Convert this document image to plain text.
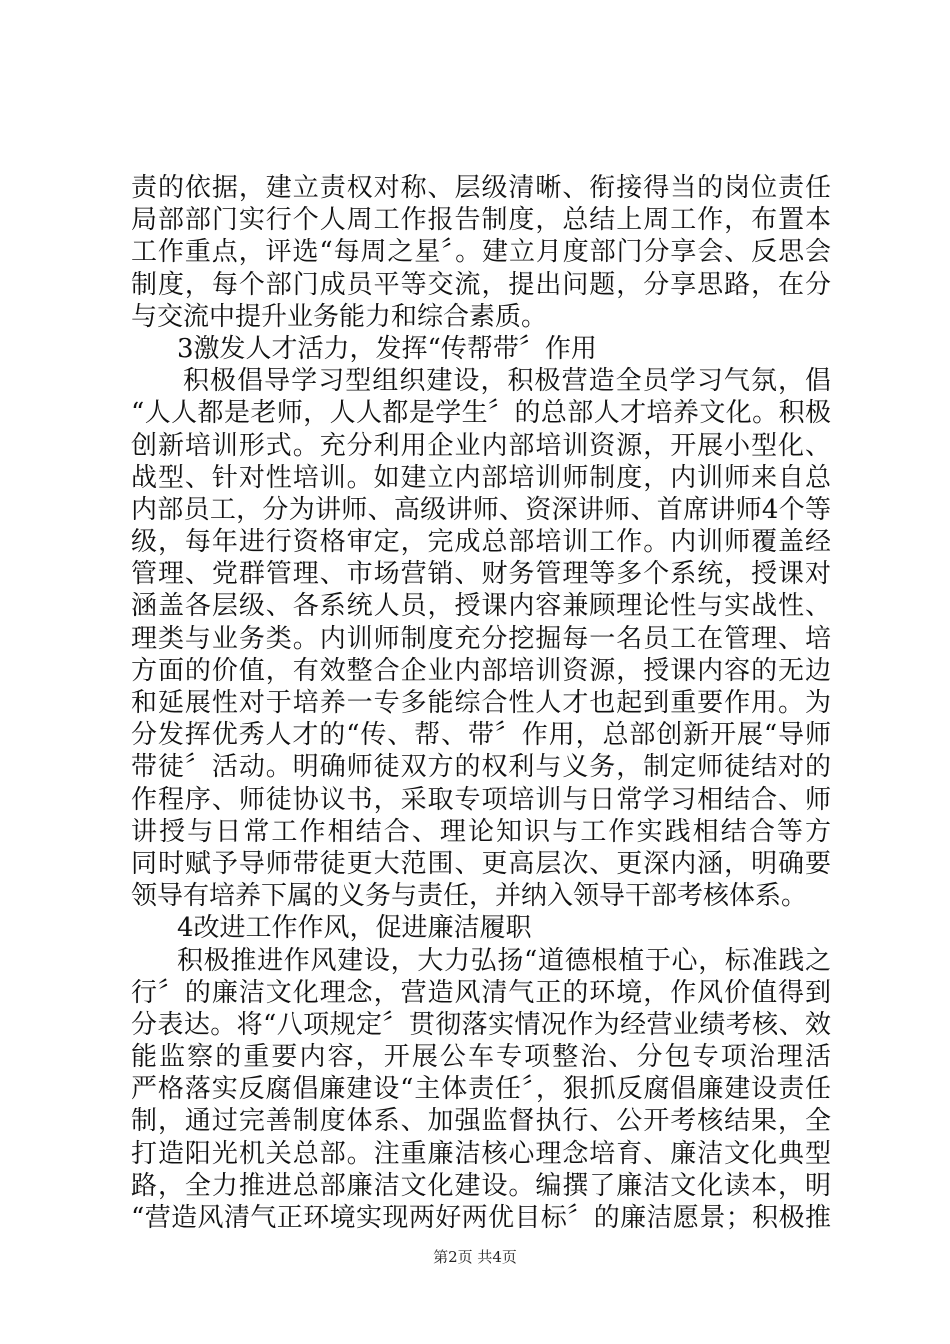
责的依据，建立责权对称、层级清晰、衔接得当的岗位责任
局部部门实行个人周工作报告制度，总结上周工作，布置本
工作重点，评选“每周之星〞。建立月度部门分享会、反思会
制度，每个部门成员平等交流，提出问题，分享思路，在分
与交流中提升业务能力和综合素质。
3激发人才活力，发挥“传帮带〞作用
积极倡导学习型组织建设，积极营造全员学习气氛，倡
“人人都是老师，人人都是学生〞的总部人才培养文化。积极
创新培训形式。充分利用企业内部培训资源，开展小型化、
战型、针对性培训。如建立内部培训师制度，内训师来自总
内部员工，分为讲师、高级讲师、资深讲师、首席讲师4个等
级，每年进行资格审定，完成总部培训工作。内训师覆盖经
管理、党群管理、市场营销、财务管理等多个系统，授课对
涵盖各层级、各系统人员，授课内容兼顾理论性与实战性、
理类与业务类。内训师制度充分挖掘每一名员工在管理、培
方面的价值，有效整合企业内部培训资源，授课内容的无边
和延展性对于培养一专多能综合性人才也起到重要作用。为
分发挥优秀人才的“传、帮、带〞作用，总部创新开展“导师
带徒〞活动。明确师徒双方的权利与义务，制定师徒结对的
作程序、师徒协议书，采取专项培训与日常学习相结合、师
讲授与日常工作相结合、理论知识与工作实践相结合等方
同时赋予导师带徒更大范围、更高层次、更深内涵，明确要
领导有培养下属的义务与责任，并纳入领导干部考核体系。
4改进工作作风，促进廉洁履职
积极推进作风建设，大力弘扬“道德根植于心，标准践之
行〞的廉洁文化理念，营造风清气正的环境，作风价值得到
分表达。将“八项规定〞贯彻落实情况作为经营业绩考核、效
能监察的重要内容，开展公车专项整治、分包专项治理活
严格落实反腐倡廉建设“主体责任〞，狠抓反腐倡廉建设责任
制，通过完善制度体系、加强监督执行、公开考核结果，全
打造阳光机关总部。注重廉洁核心理念培育、廉洁文化典型
路，全力推进总部廉洁文化建设。编撰了廉洁文化读本，明
“营造风清气正环境实现两好两优目标〞的廉洁愿景；积极推
第2页 共4页
